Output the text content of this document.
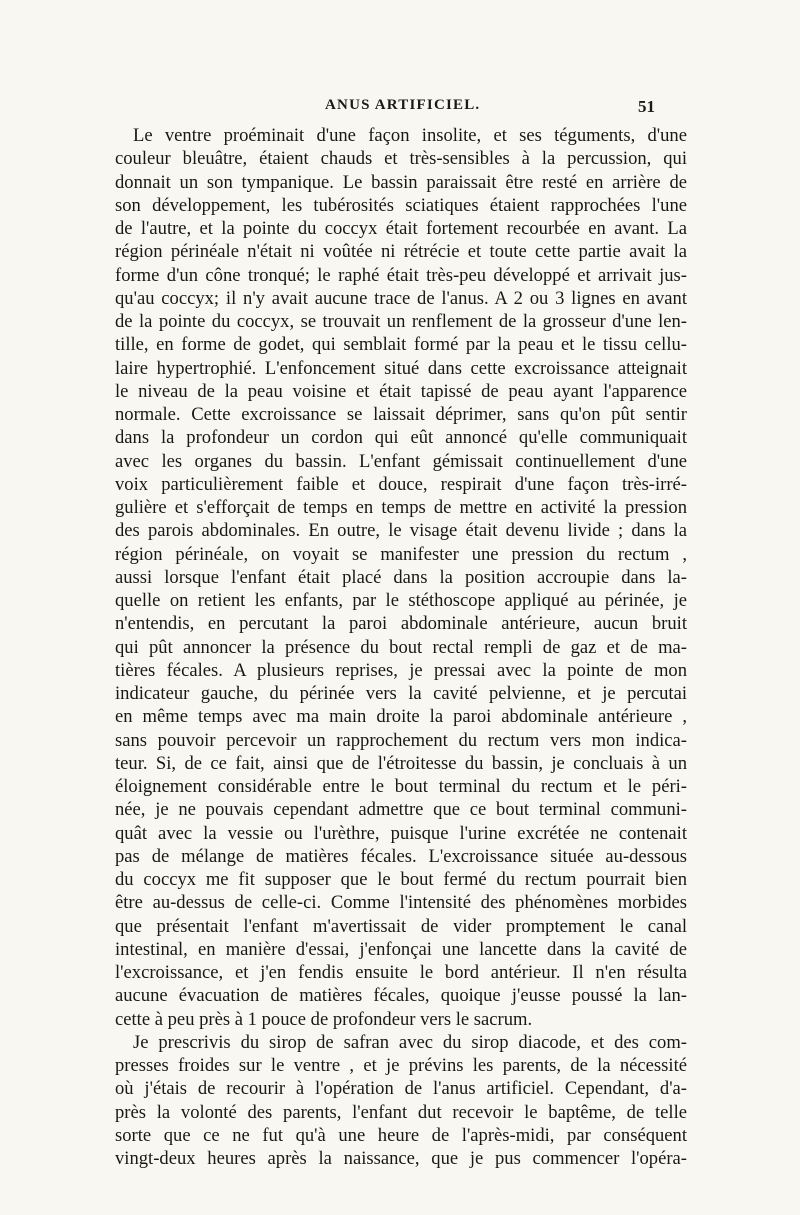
ANUS ARTIFICIEL.	51
Le ventre proéminait d'une façon insolite, et ses téguments, d'une
couleur bleuâtre, étaient chauds et très-sensibles à la percussion, qui
donnait un son tympanique. Le bassin paraissait être resté en arrière de
son développement, les tubérosités sciatiques étaient rapprochées l'une
de l'autre, et la pointe du coccyx était fortement recourbée en avant. La
région périnéale n'était ni voûtée ni rétrécie et toute cette partie avait la
forme d'un cône tronqué; le raphé était très-peu développé et arrivait jus-
qu'au coccyx; il n'y avait aucune trace de l'anus. A 2 ou 3 lignes en avant
de la pointe du coccyx, se trouvait un renflement de la grosseur d'une len-
tille, en forme de godet, qui semblait formé par la peau et le tissu cellu-
laire hypertrophié. L'enfoncement situé dans cette excroissance atteignait
le niveau de la peau voisine et était tapissé de peau ayant l'apparence
normale. Cette excroissance se laissait déprimer, sans qu'on pût sentir
dans la profondeur un cordon qui eût annoncé qu'elle communiquait
avec les organes du bassin. L'enfant gémissait continuellement d'une
voix particulièrement faible et douce, respirait d'une façon très-irré-
gulière et s'efforçait de temps en temps de mettre en activité la pression
des parois abdominales. En outre, le visage était devenu livide ; dans la
région périnéale, on voyait se manifester une pression du rectum ,
aussi lorsque l'enfant était placé dans la position accroupie dans la-
quelle on retient les enfants, par le stéthoscope appliqué au périnée, je
n'entendis, en percutant la paroi abdominale antérieure, aucun bruit
qui pût annoncer la présence du bout rectal rempli de gaz et de ma-
tières fécales. A plusieurs reprises, je pressai avec la pointe de mon
indicateur gauche, du périnée vers la cavité pelvienne, et je percutai
en même temps avec ma main droite la paroi abdominale antérieure ,
sans pouvoir percevoir un rapprochement du rectum vers mon indica-
teur. Si, de ce fait, ainsi que de l'étroitesse du bassin, je concluais à un
éloignement considérable entre le bout terminal du rectum et le péri-
née, je ne pouvais cependant admettre que ce bout terminal communi-
quât avec la vessie ou l'urèthre, puisque l'urine excrétée ne contenait
pas de mélange de matières fécales. L'excroissance située au-dessous
du coccyx me fit supposer que le bout fermé du rectum pourrait bien
être au-dessus de celle-ci. Comme l'intensité des phénomènes morbides
que présentait l'enfant m'avertissait de vider promptement le canal
intestinal, en manière d'essai, j'enfonçai une lancette dans la cavité de
l'excroissance, et j'en fendis ensuite le bord antérieur. Il n'en résulta
aucune évacuation de matières fécales, quoique j'eusse poussé la lan-
cette à peu près à 1 pouce de profondeur vers le sacrum.
Je prescrivis du sirop de safran avec du sirop diacode, et des com-
presses froides sur le ventre , et je prévins les parents, de la nécessité
où j'étais de recourir à l'opération de l'anus artificiel. Cependant, d'a-
près la volonté des parents, l'enfant dut recevoir le baptême, de telle
sorte que ce ne fut qu'à une heure de l'après-midi, par conséquent
vingt-deux heures après la naissance, que je pus commencer l'opéra-
